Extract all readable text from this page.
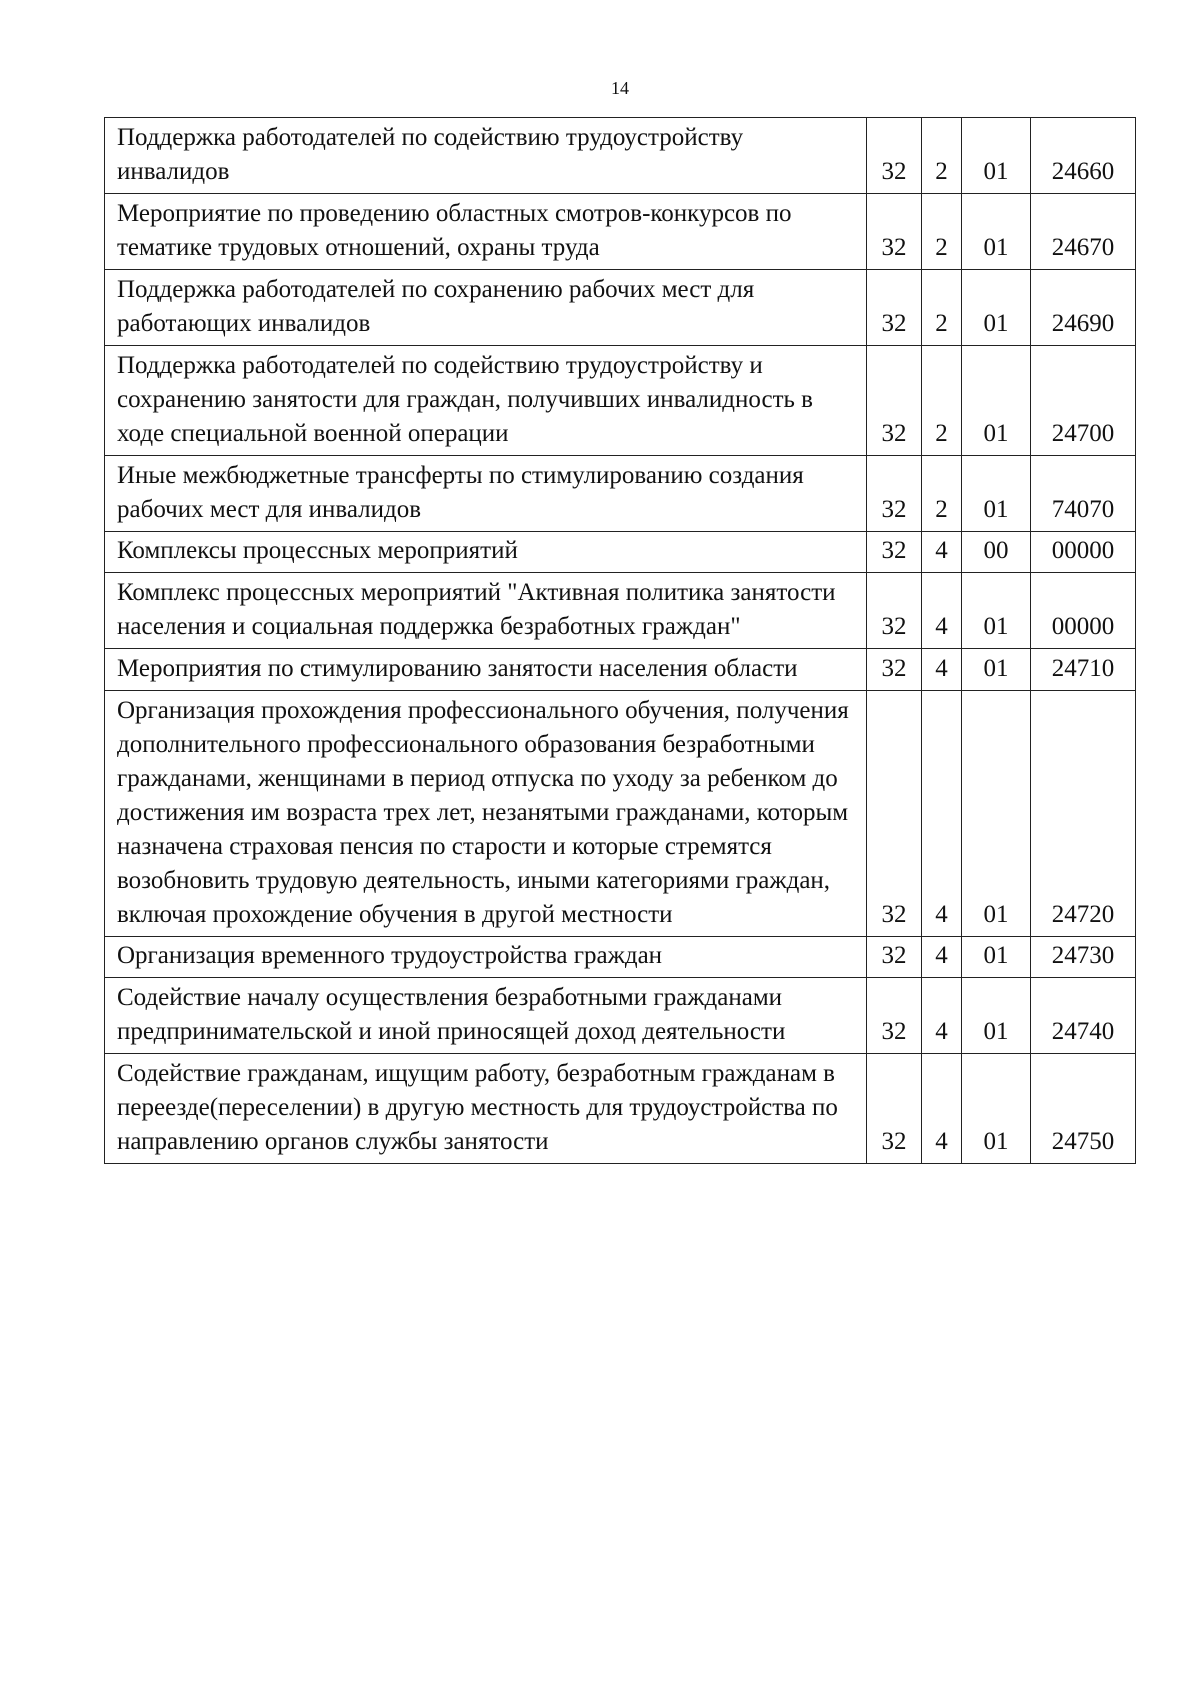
14
Поддержка работодателей по содействию трудоустройству инвалидов	32	2	01	24660
Мероприятие по проведению областных смотров-конкурсов по тематике трудовых отношений, охраны труда	32	2	01	24670
Поддержка работодателей по сохранению рабочих мест для работающих инвалидов	32	2	01	24690
Поддержка работодателей по содействию трудоустройству и сохранению занятости для граждан, получивших инвалидность в ходе специальной военной операции	32	2	01	24700
Иные межбюджетные трансферты по стимулированию создания рабочих мест для инвалидов	32	2	01	74070
Комплексы процессных мероприятий	32	4	00	00000
Комплекс процессных мероприятий "Активная политика занятости населения и социальная поддержка безработных граждан"	32	4	01	00000
Мероприятия по стимулированию занятости населения области	32	4	01	24710
Организация прохождения профессионального обучения, получения дополнительного профессионального образования безработными гражданами, женщинами в период отпуска по уходу за ребенком до достижения им возраста трех лет, незанятыми гражданами, которым назначена страховая пенсия по старости и которые стремятся возобновить трудовую деятельность, иными категориями граждан, включая прохождение обучения в другой местности	32	4	01	24720
Организация временного трудоустройства граждан	32	4	01	24730
Содействие началу осуществления безработными гражданами предпринимательской и иной приносящей доход деятельности	32	4	01	24740
Содействие гражданам, ищущим работу, безработным гражданам в переезде(переселении) в другую местность для трудоустройства по направлению органов службы занятости	32	4	01	24750
